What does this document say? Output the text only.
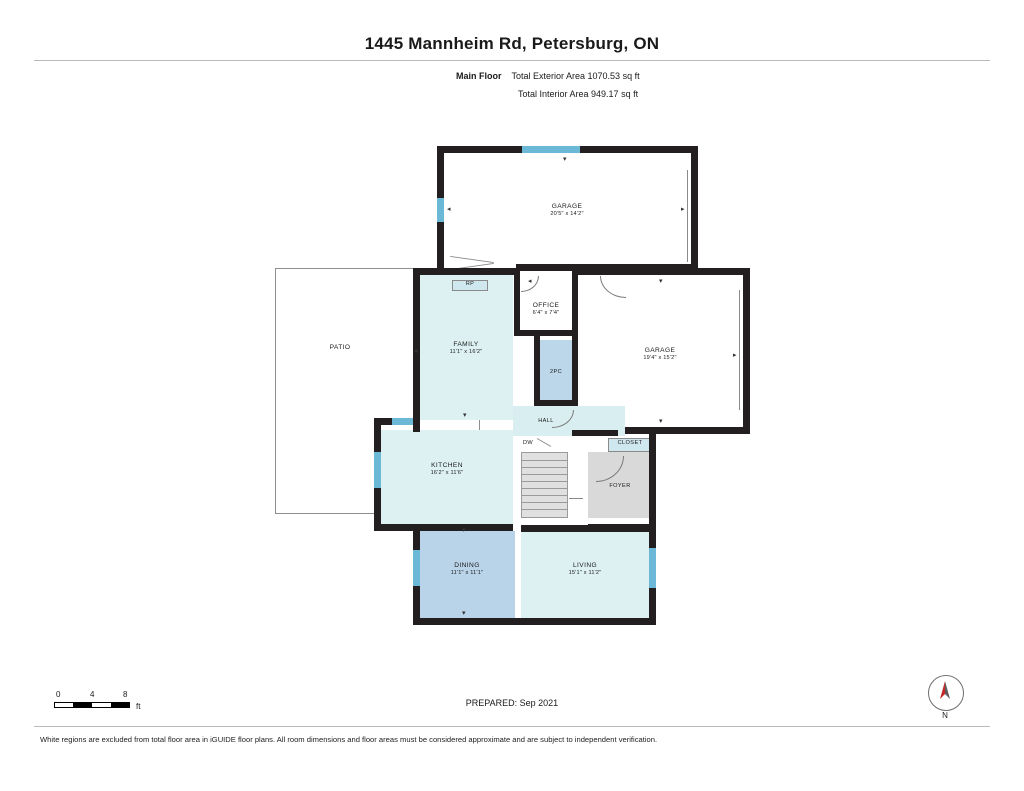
1445 Mannheim Rd, Petersburg, ON
Main Floor Total Exterior Area 1070.53 sq ft
Total Interior Area 949.17 sq ft
PATIO
GARAGE
20'5" x 14'2"
▾
◂	▸
GARAGE
19'4" x 15'2"
▾
▸
▾
FAMILY
11'1" x 16'2"
◂
▾
RP
OFFICE
6'4" x 7'4"
◂
2PC
HALL
KITCHEN
16'2" x 11'6"
DW	CLOSET
FOYER
DINING
11'1" x 11'1"
▾
▾
LIVING
15'1" x 11'2"
0	4	8
ft	PREPARED: Sep 2021
N
White regions are excluded from total floor area in iGUIDE floor plans. All room dimensions and floor areas must be considered approximate and are subject to independent verification.
